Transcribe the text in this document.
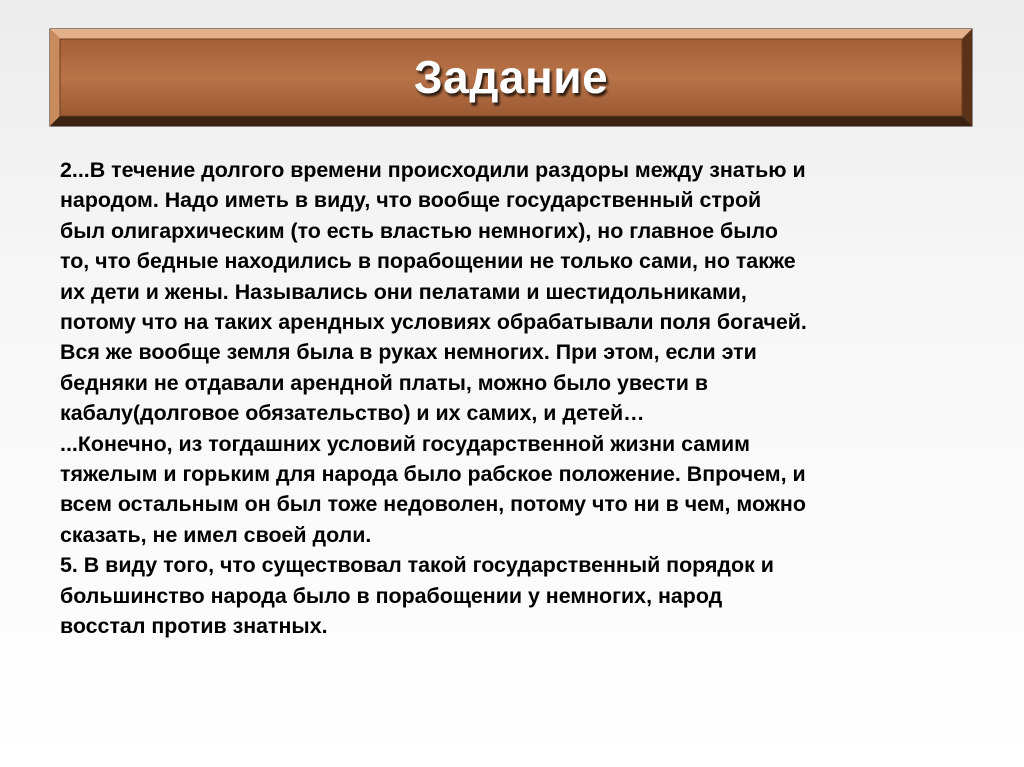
Задание
2...В течение долгого времени происходили раздоры между знатью и
народом. Надо иметь в виду, что вообще государственный строй
был олигархическим (то есть властью немногих), но главное было
то, что бедные находились в порабощении не только сами, но также
их дети и жены. Назывались они пелатами и шестидольниками,
потому что на таких арендных условиях обрабатывали поля богачей.
Вся же вообще земля была в руках немногих. При этом, если эти
бедняки не отдавали арендной платы, можно было увести в
кабалу(долговое обязательство) и их самих, и детей…
...Конечно, из тогдашних условий государственной жизни самим
тяжелым и горьким для народа было рабское положение. Впрочем, и
всем остальным он был тоже недоволен, потому что ни в чем, можно
сказать, не имел своей доли.
5. В виду того, что существовал такой государственный порядок и
большинство народа было в порабощении у немногих, народ
восстал против знатных.
